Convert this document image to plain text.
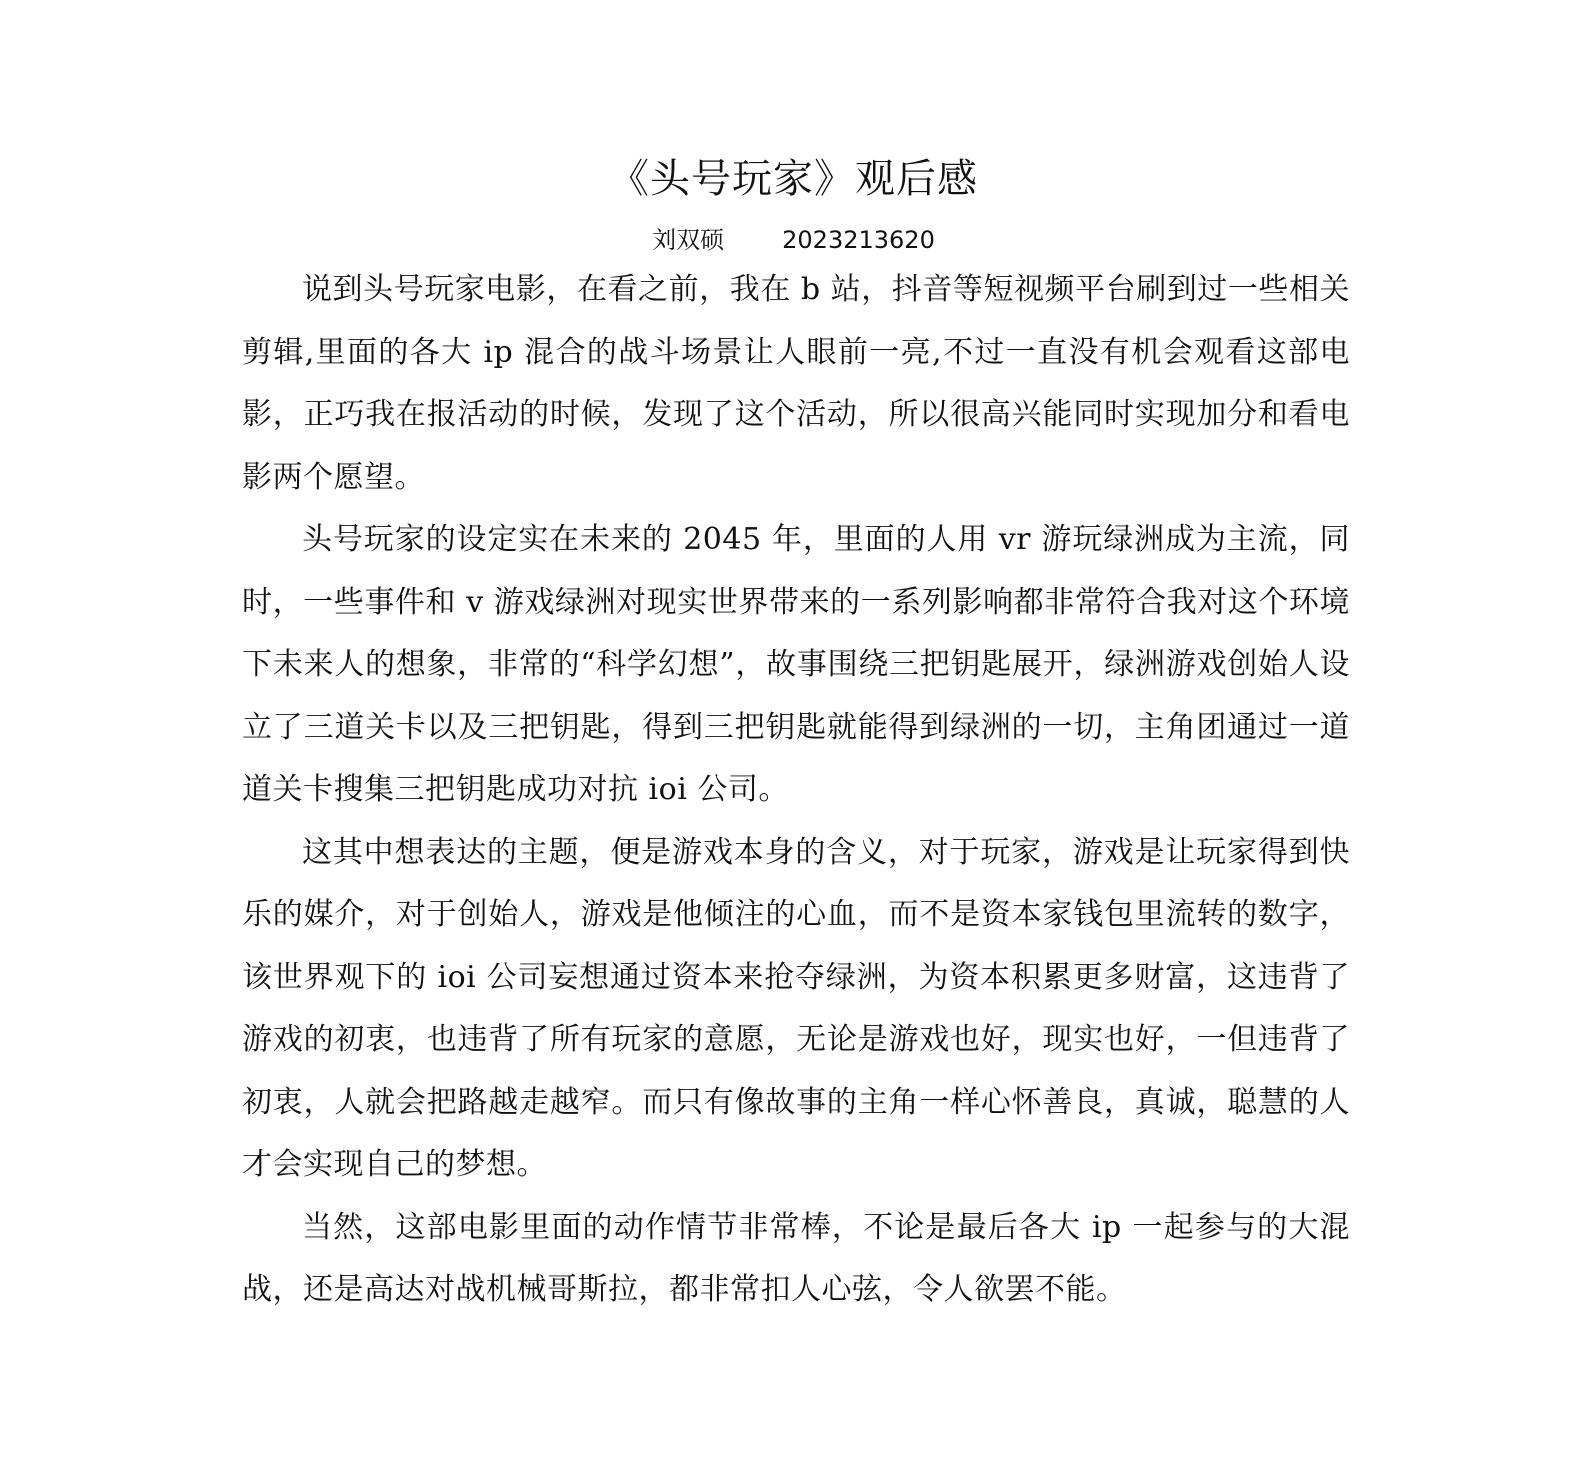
《头号玩家》观后感
刘双硕 2023213620

说到头号玩家电影，在看之前，我在 b 站，抖音等短视频平台刷到过一些相关剪辑,里面的各大 ip 混合的战斗场景让人眼前一亮,不过一直没有机会观看这部电影，正巧我在报活动的时候，发现了这个活动，所以很高兴能同时实现加分和看电影两个愿望。

头号玩家的设定实在未来的 2045 年，里面的人用 vr 游玩绿洲成为主流，同时，一些事件和 v 游戏绿洲对现实世界带来的一系列影响都非常符合我对这个环境下未来人的想象，非常的“科学幻想”，故事围绕三把钥匙展开，绿洲游戏创始人设立了三道关卡以及三把钥匙，得到三把钥匙就能得到绿洲的一切，主角团通过一道道关卡搜集三把钥匙成功对抗 ioi 公司。

这其中想表达的主题，便是游戏本身的含义，对于玩家，游戏是让玩家得到快乐的媒介，对于创始人，游戏是他倾注的心血，而不是资本家钱包里流转的数字，该世界观下的 ioi 公司妄想通过资本来抢夺绿洲，为资本积累更多财富，这违背了游戏的初衷，也违背了所有玩家的意愿，无论是游戏也好，现实也好，一但违背了初衷，人就会把路越走越窄。而只有像故事的主角一样心怀善良，真诚，聪慧的人才会实现自己的梦想。

当然，这部电影里面的动作情节非常棒，不论是最后各大 ip 一起参与的大混战，还是高达对战机械哥斯拉，都非常扣人心弦，令人欲罢不能。
